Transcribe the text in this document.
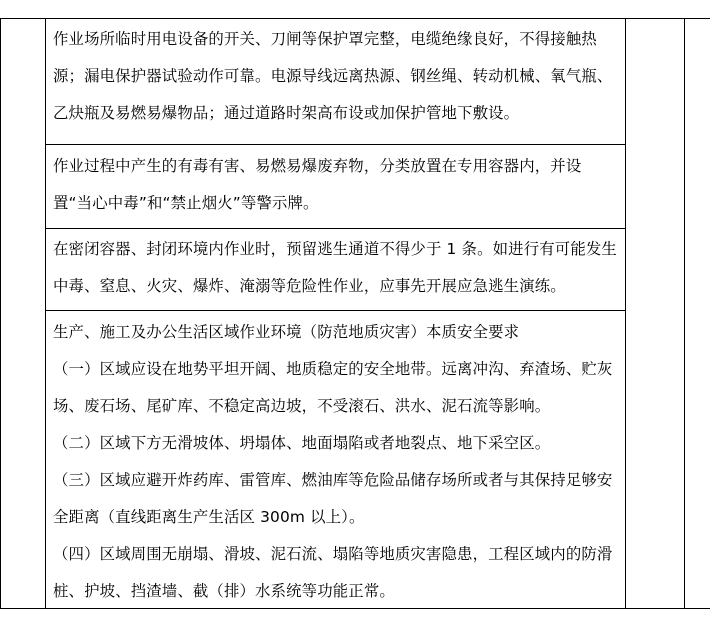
作业场所临时用电设备的开关、刀闸等保护罩完整，电缆绝缘良好，不得接触热源；漏电保护器试验动作可靠。电源导线远离热源、钢丝绳、转动机械、氧气瓶、乙炔瓶及易燃易爆物品；通过道路时架高布设或加保护管地下敷设。

作业过程中产生的有毒有害、易燃易爆废弃物，分类放置在专用容器内，并设置“当心中毒”和“禁止烟火”等警示牌。

在密闭容器、封闭环境内作业时，预留逃生通道不得少于 1 条。如进行有可能发生中毒、窒息、火灾、爆炸、淹溺等危险性作业，应事先开展应急逃生演练。

生产、施工及办公生活区域作业环境（防范地质灾害）本质安全要求

（一）区域应设在地势平坦开阔、地质稳定的安全地带。远离冲沟、弃渣场、贮灰场、废石场、尾矿库、不稳定高边坡，不受滚石、洪水、泥石流等影响。

（二）区域下方无滑坡体、坍塌体、地面塌陷或者地裂点、地下采空区。

（三）区域应避开炸药库、雷管库、燃油库等危险品储存场所或者与其保持足够安全距离（直线距离生产生活区 300m 以上）。

（四）区域周围无崩塌、滑坡、泥石流、塌陷等地质灾害隐患，工程区域内的防滑桩、护坡、挡渣墙、截（排）水系统等功能正常。
